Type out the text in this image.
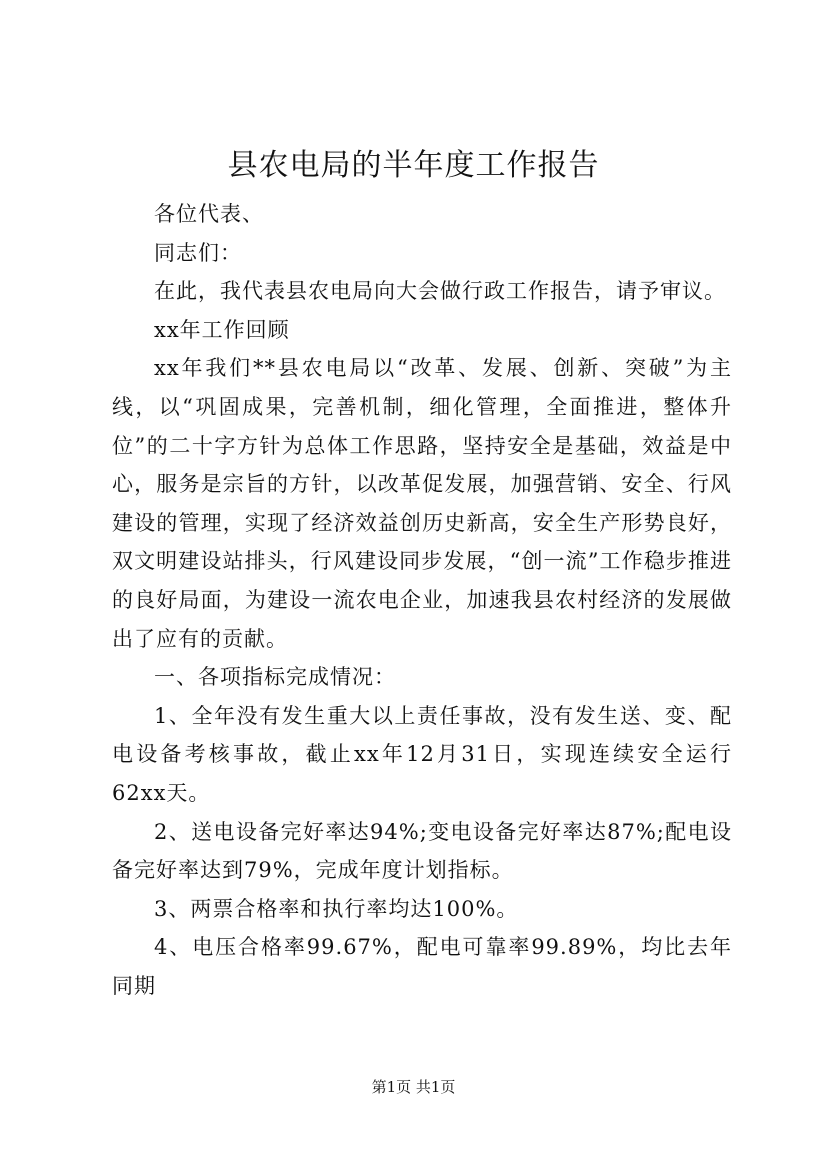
县农电局的半年度工作报告

各位代表、

同志们：

在此，我代表县农电局向大会做行政工作报告，请予审议。

xx年工作回顾

xx年我们**县农电局以“改革、发展、创新、突破”为主线，以“巩固成果，完善机制，细化管理，全面推进，整体升位”的二十字方针为总体工作思路，坚持安全是基础，效益是中心，服务是宗旨的方针，以改革促发展，加强营销、安全、行风建设的管理，实现了经济效益创历史新高，安全生产形势良好，双文明建设站排头，行风建设同步发展，“创一流”工作稳步推进的良好局面，为建设一流农电企业，加速我县农村经济的发展做出了应有的贡献。

一、各项指标完成情况：

1、全年没有发生重大以上责任事故，没有发生送、变、配电设备考核事故，截止xx年12月31日，实现连续安全运行62xx天。

2、送电设备完好率达94%;变电设备完好率达87%;配电设备完好率达到79%，完成年度计划指标。

3、两票合格率和执行率均达100%。

4、电压合格率99.67%，配电可靠率99.89%，均比去年同期

第1页 共1页
